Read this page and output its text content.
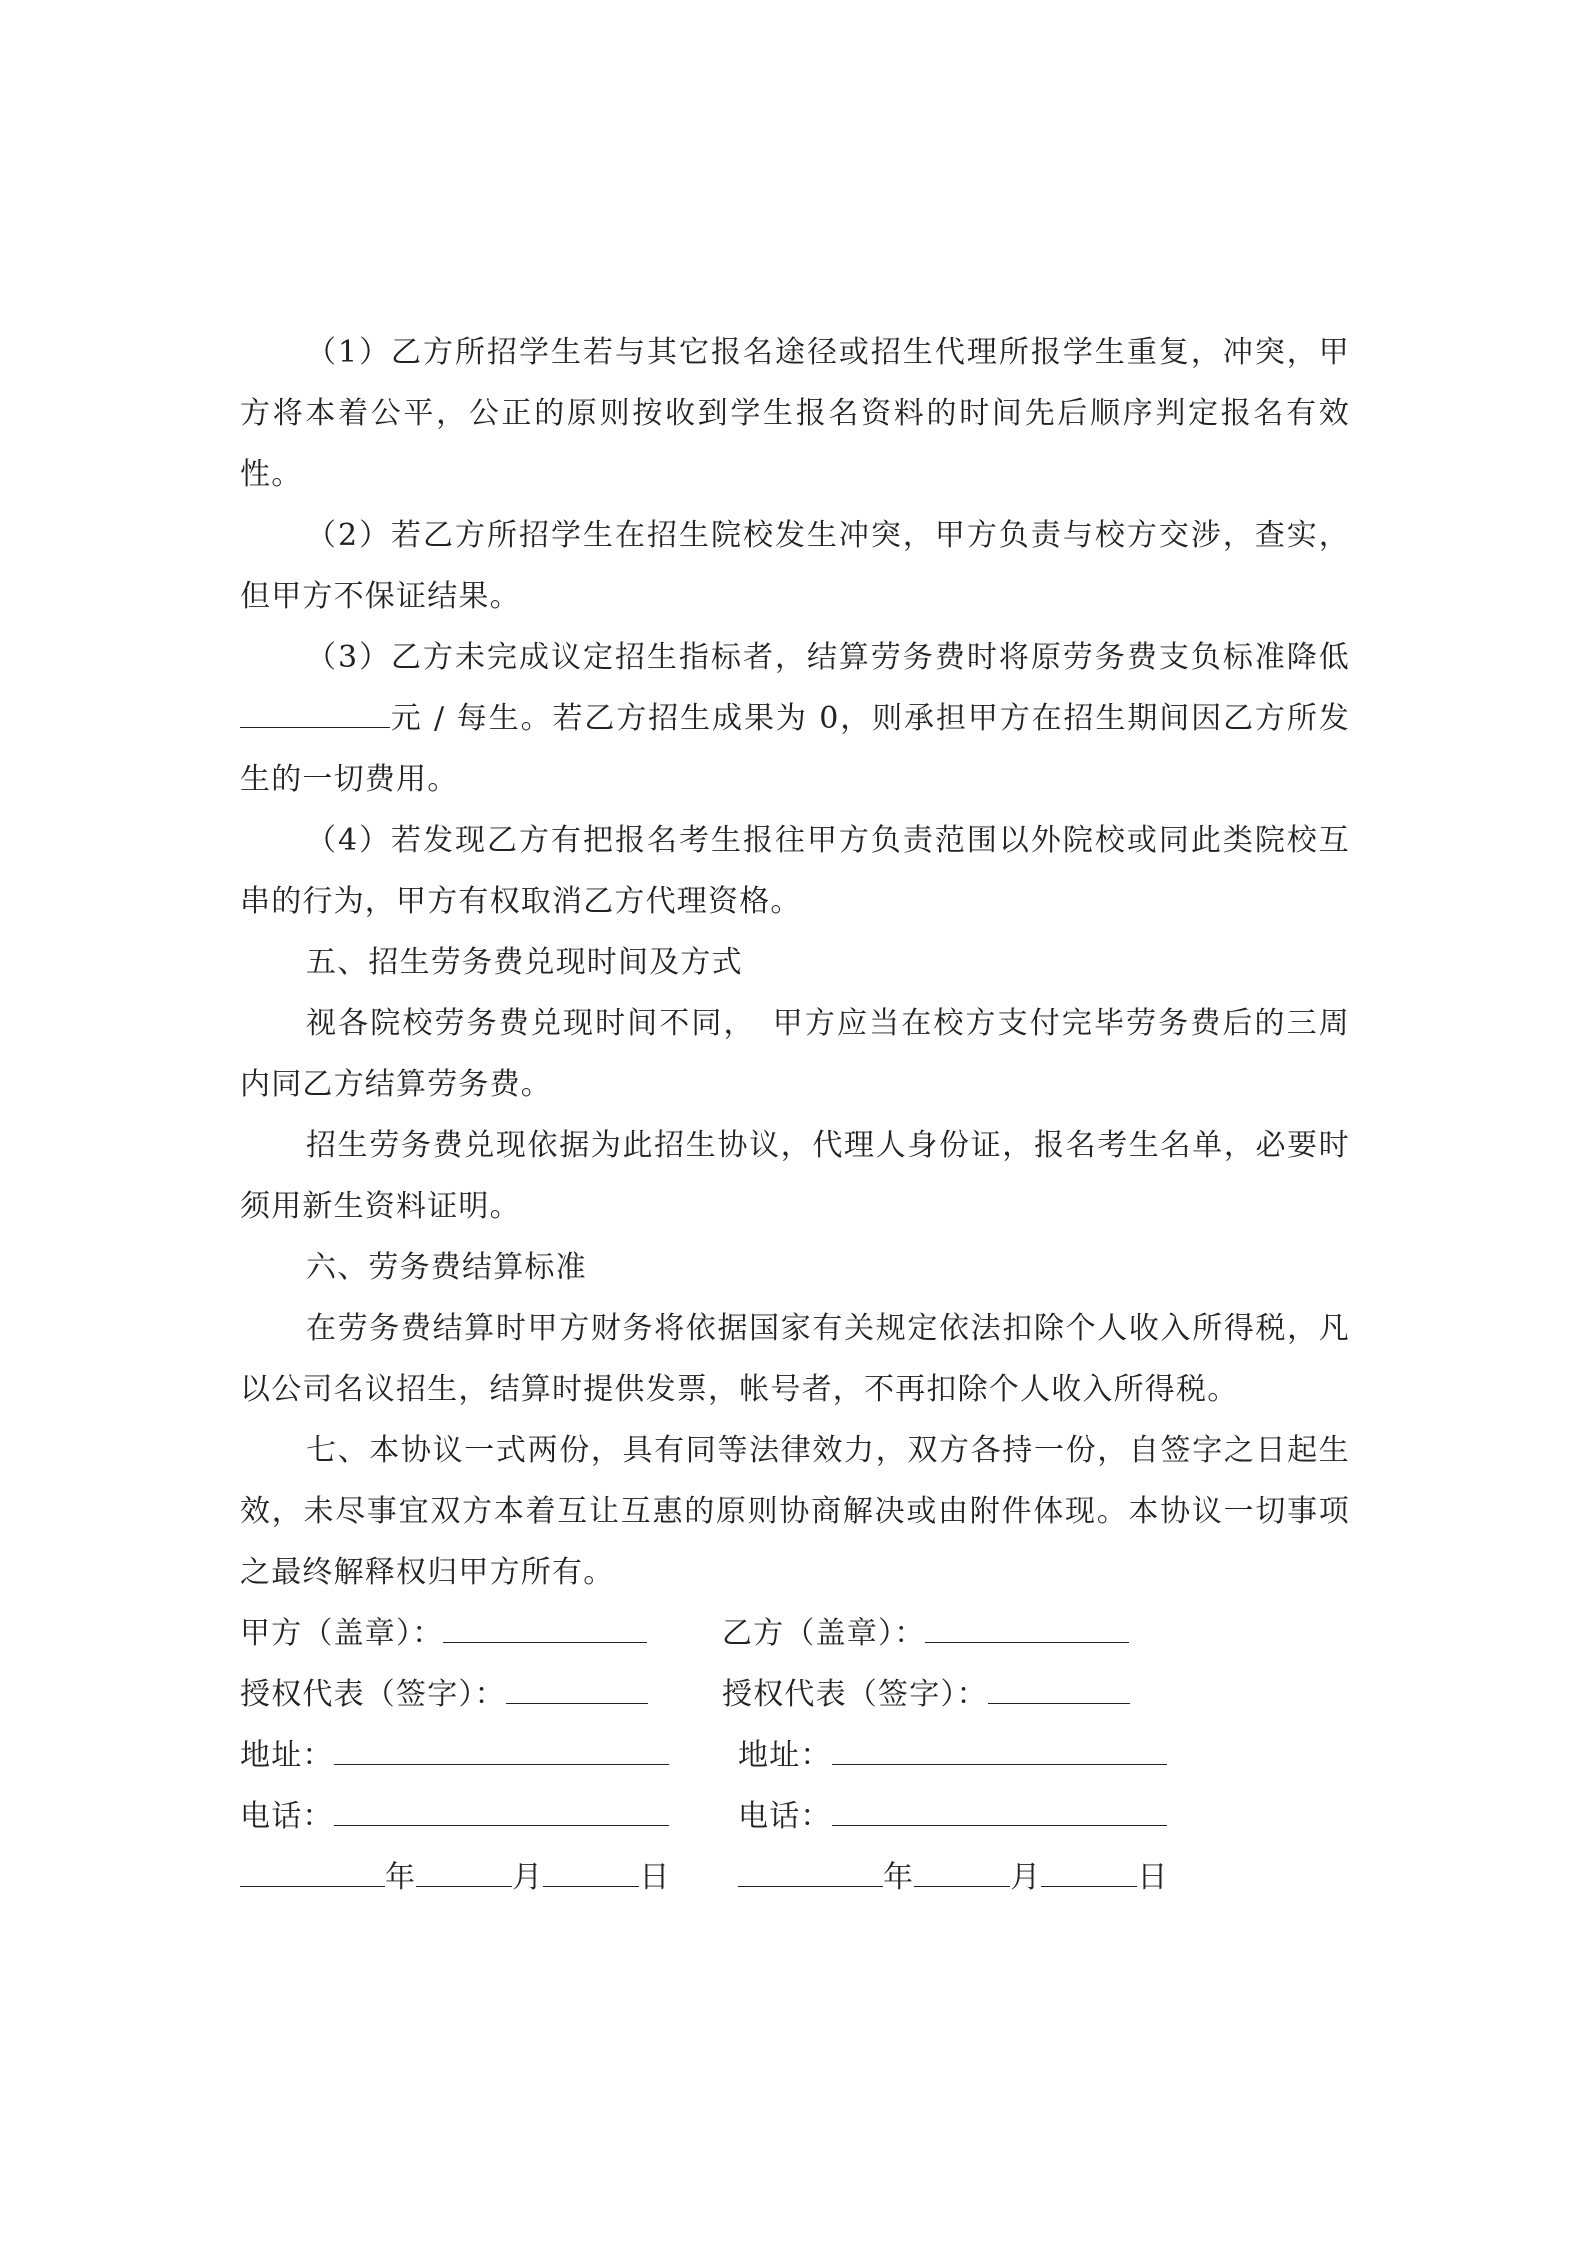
（1）乙方所招学生若与其它报名途径或招生代理所报学生重复，冲突，甲方将本着公平，公正的原则按收到学生报名资料的时间先后顺序判定报名有效性。

（2）若乙方所招学生在招生院校发生冲突，甲方负责与校方交涉，查实，但甲方不保证结果。

（3）乙方未完成议定招生指标者，结算劳务费时将原劳务费支负标准降低元 / 每生。若乙方招生成果为 0，则承担甲方在招生期间因乙方所发生的一切费用。

（4）若发现乙方有把报名考生报往甲方负责范围以外院校或同此类院校互串的行为，甲方有权取消乙方代理资格。

五、招生劳务费兑现时间及方式

视各院校劳务费兑现时间不同，　甲方应当在校方支付完毕劳务费后的三周内同乙方结算劳务费。

招生劳务费兑现依据为此招生协议，代理人身份证，报名考生名单，必要时须用新生资料证明。

六、劳务费结算标准

在劳务费结算时甲方财务将依据国家有关规定依法扣除个人收入所得税，凡以公司名议招生，结算时提供发票，帐号者，不再扣除个人收入所得税。

七、本协议一式两份，具有同等法律效力，双方各持一份，自签字之日起生效，未尽事宜双方本着互让互惠的原则协商解决或由附件体现。本协议一切事项之最终解释权归甲方所有。

甲方（盖章）：	乙方（盖章）：
授权代表（签字）：	授权代表（签字）：
地址：	地址：
电话：	电话：
年	月	日	年	月	日
